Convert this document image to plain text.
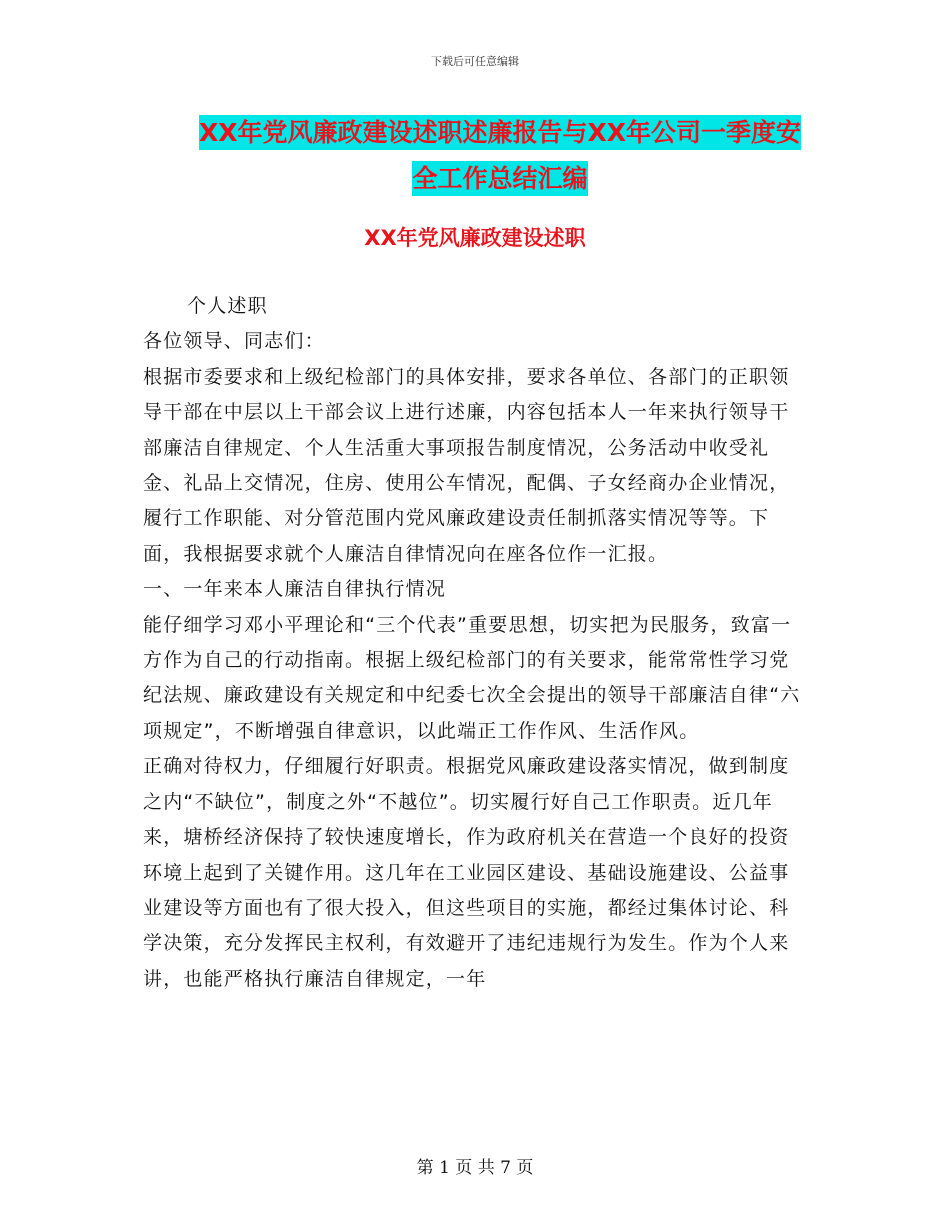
下载后可任意编辑
XX年党风廉政建设述职述廉报告与XX年公司一季度安
全工作总结汇编
XX年党风廉政建设述职

个人述职

各位领导、同志们：

根据市委要求和上级纪检部门的具体安排，要求各单位、各部门的正职领导干部在中层以上干部会议上进行述廉，内容包括本人一年来执行领导干部廉洁自律规定、个人生活重大事项报告制度情况，公务活动中收受礼金、礼品上交情况，住房、使用公车情况，配偶、子女经商办企业情况，履行工作职能、对分管范围内党风廉政建设责任制抓落实情况等等。下面，我根据要求就个人廉洁自律情况向在座各位作一汇报。

一、一年来本人廉洁自律执行情况

能仔细学习邓小平理论和“三个代表”重要思想，切实把为民服务，致富一方作为自己的行动指南。根据上级纪检部门的有关要求，能常常性学习党纪法规、廉政建设有关规定和中纪委七次全会提出的领导干部廉洁自律“六项规定”，不断增强自律意识，以此端正工作作风、生活作风。

正确对待权力，仔细履行好职责。根据党风廉政建设落实情况，做到制度之内“不缺位”，制度之外“不越位”。切实履行好自己工作职责。近几年来，塘桥经济保持了较快速度增长，作为政府机关在营造一个良好的投资环境上起到了关键作用。这几年在工业园区建设、基础设施建设、公益事业建设等方面也有了很大投入，但这些项目的实施，都经过集体讨论、科学决策，充分发挥民主权利，有效避开了违纪违规行为发生。作为个人来讲，也能严格执行廉洁自律规定，一年

第 1 页 共 7 页
